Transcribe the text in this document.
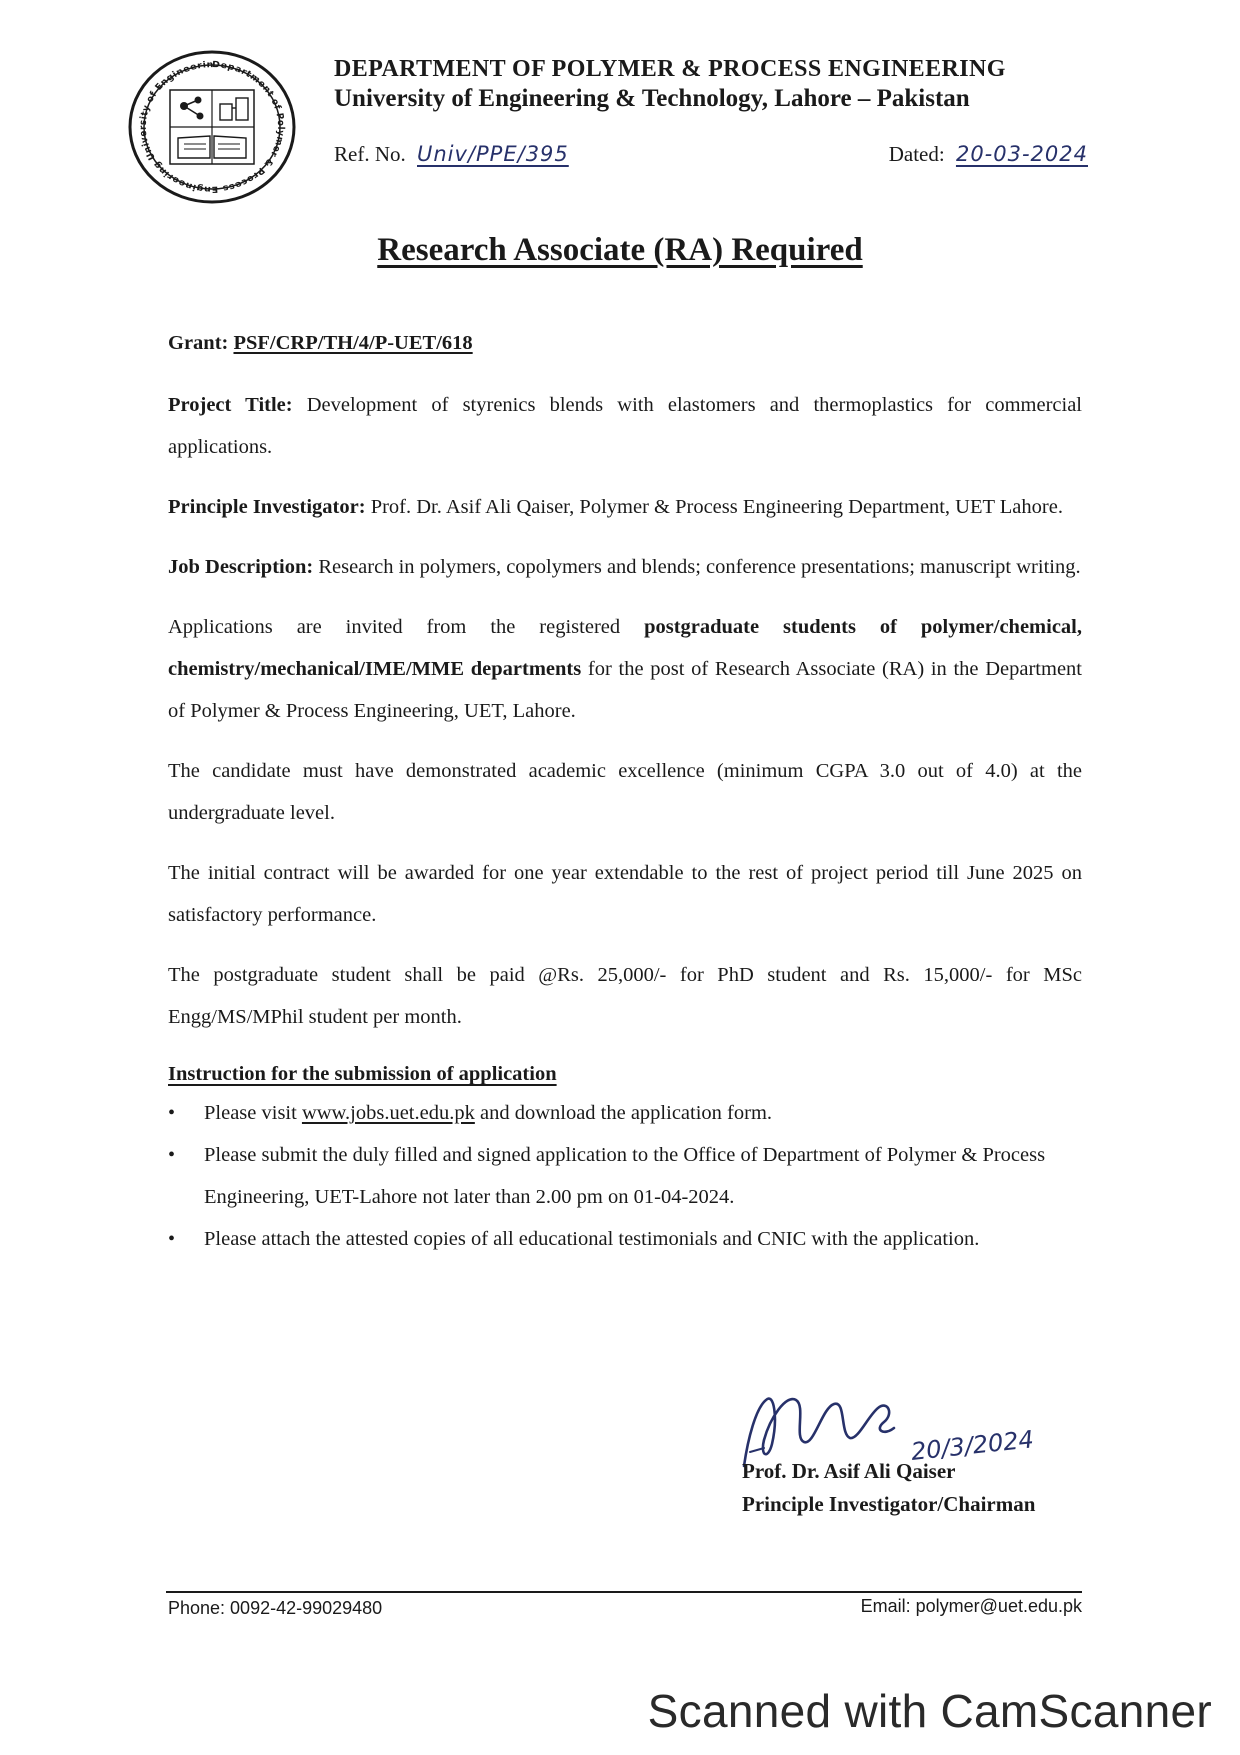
Department of Polymer & Process Engineering University of Engineerin	DEPARTMENT OF POLYMER & PROCESS ENGINEERING
University of Engineering & Technology, Lahore – Pakistan
Ref. No. Univ/PPE/395	Dated: 20-03-2024
Research Associate (RA) Required

Grant: PSF/CRP/TH/4/P-UET/618

Project Title: Development of styrenics blends with elastomers and thermoplastics for commercial applications.

Principle Investigator: Prof. Dr. Asif Ali Qaiser, Polymer & Process Engineering Department, UET Lahore.

Job Description: Research in polymers, copolymers and blends; conference presentations; manuscript writing.

Applications are invited from the registered postgraduate students of polymer/chemical, chemistry/mechanical/IME/MME departments for the post of Research Associate (RA) in the Department of Polymer & Process Engineering, UET, Lahore.

The candidate must have demonstrated academic excellence (minimum CGPA 3.0 out of 4.0) at the undergraduate level.

The initial contract will be awarded for one year extendable to the rest of project period till June 2025 on satisfactory performance.

The postgraduate student shall be paid @Rs. 25,000/- for PhD student and Rs. 15,000/- for MSc Engg/MS/MPhil student per month.

Instruction for the submission of application
• Please visit www.jobs.uet.edu.pk and download the application form.
• Please submit the duly filled and signed application to the Office of Department of Polymer & Process Engineering, UET-Lahore not later than 2.00 pm on 01-04-2024.
• Please attach the attested copies of all educational testimonials and CNIC with the application.
20/3/2024
Prof. Dr. Asif Ali Qaiser
Principle Investigator/Chairman
Phone: 0092-42-99029480	Email: polymer@uet.edu.pk
Scanned with CamScanner
